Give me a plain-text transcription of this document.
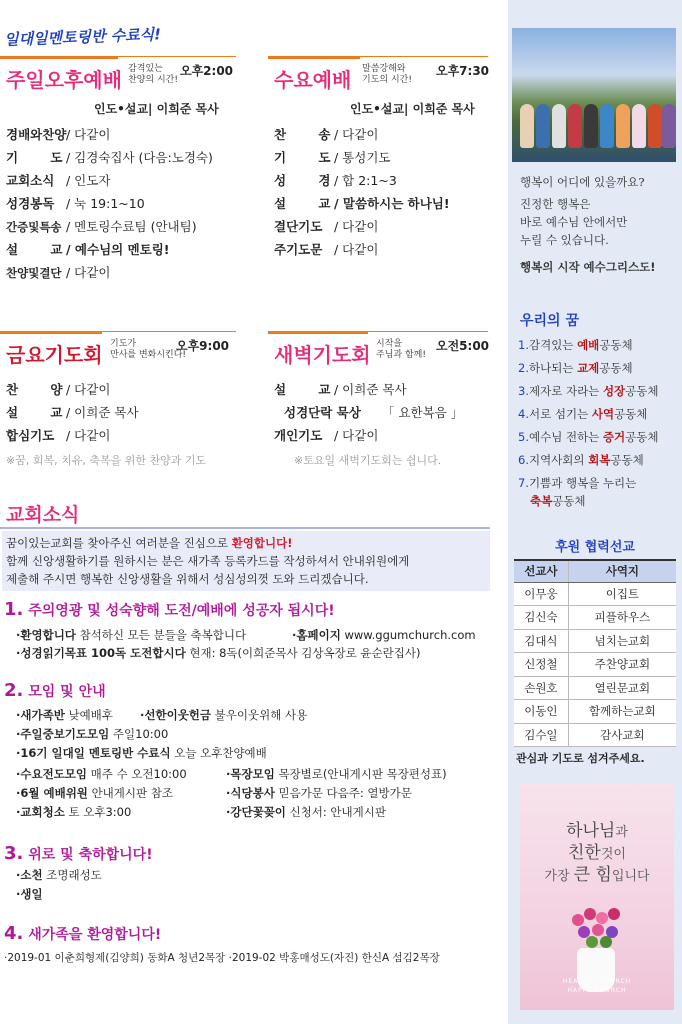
일대일멘토링반 수료식!
주일오후예배 감격있는
찬양의 시간!
오후2:00
인도•설교| 이희준 목사
경배와찬양/ 다같이
기 도/ 김경숙집사 (다음:노경숙)
교회소식 / 인도자
성경봉독 / 눅 19:1~10
간증및특송 / 멘토링수료팀 (안내팀)
설 교/ 예수님의 멘토링!
찬양및결단 / 다같이
수요예배 말씀강해와
기도의 시간!
오후7:30
인도•설교| 이희준 목사
찬 송/ 다같이
기 도/ 통성기도
성 경/ 합 2:1~3
설 교/ 말씀하시는 하나님!
결단기도 / 다같이
주기도문 / 다같이
금요기도회 기도가
만사를 변화시킨다!
오후9:00
찬 양/ 다같이
설 교/ 이희준 목사
합심기도 / 다같이
※꿈, 회복, 치유, 축복을 위한 찬양과 기도
새벽기도회 시작을
주님과 함께!
오전5:00
설 교/ 이희준 목사
성경단락 묵상 「 요한복음 」
개인기도 / 다같이
※토요일 새벽기도회는 쉽니다.
교회소식
꿈이있는교회를 찾아주신 여러분을 진심으로 환영합니다!
함께 신앙생활하기를 원하시는 분은 새가족 등록카드를 작성하셔서 안내위원에게
제출해 주시면 행복한 신앙생활을 위해서 성심성의껏 도와 드리겠습니다.
1. 주의영광 및 성숙향해 도전/예배에 성공자 됩시다!
·환영합니다 참석하신 모든 분들을 축복합니다	·홈페이지 www.ggumchurch.com
·성경읽기목표 100독 도전합시다 현재: 8독(이희준목사 김상옥장로 윤순란집사)
2. 모임 및 안내
·새가족반 낮예배후 ·선한이웃헌금 불우이웃위해 사용
·주일중보기도모임 주일10:00
·16기 일대일 멘토링반 수료식 오늘 오후찬양예배
·수요전도모임 매주 수 오전10:00	·목장모임 목장별로(안내게시판 목장편성표)
·6월 예배위원 안내게시판 참조	·식당봉사 믿음가문 다음주: 열방가문
·교회청소 토 오후3:00	·강단꽃꽂이 신청서: 안내게시판
3. 위로 및 축하합니다!
·소천 조명래성도
·생일
4. 새가족을 환영합니다!
·2019-01 이춘희형제(김양희) 동화A 청년2목장 ·2019-02 박홍매성도(자진) 한신A 섬김2목장
행복이 어디에 있을까요?
진정한 행복은
바로 예수님 안에서만
누릴 수 있습니다.
행복의 시작 예수그리스도!
우리의 꿈
1.감격있는 예배공동체
2.하나되는 교제공동체
3.제자로 자라는 성장공동체
4.서로 섬기는 사역공동체
5.예수님 전하는 증거공동체
6.지역사회의 회복공동체
7.기쁨과 행복을 누리는
축복공동체
후원 협력선교
선교사	사역지
이무웅	이집트
김신숙	피플하우스
김대식	넘치는교회
신정철	주찬양교회
손원호	열린문교회
이동인	함께하는교회
김수일	감사교회
관심과 기도로 섬겨주세요.
하나님과
친한것이
가장 큰 힘입니다
HEALTHY CHURCH
HAPPY CHURCH
